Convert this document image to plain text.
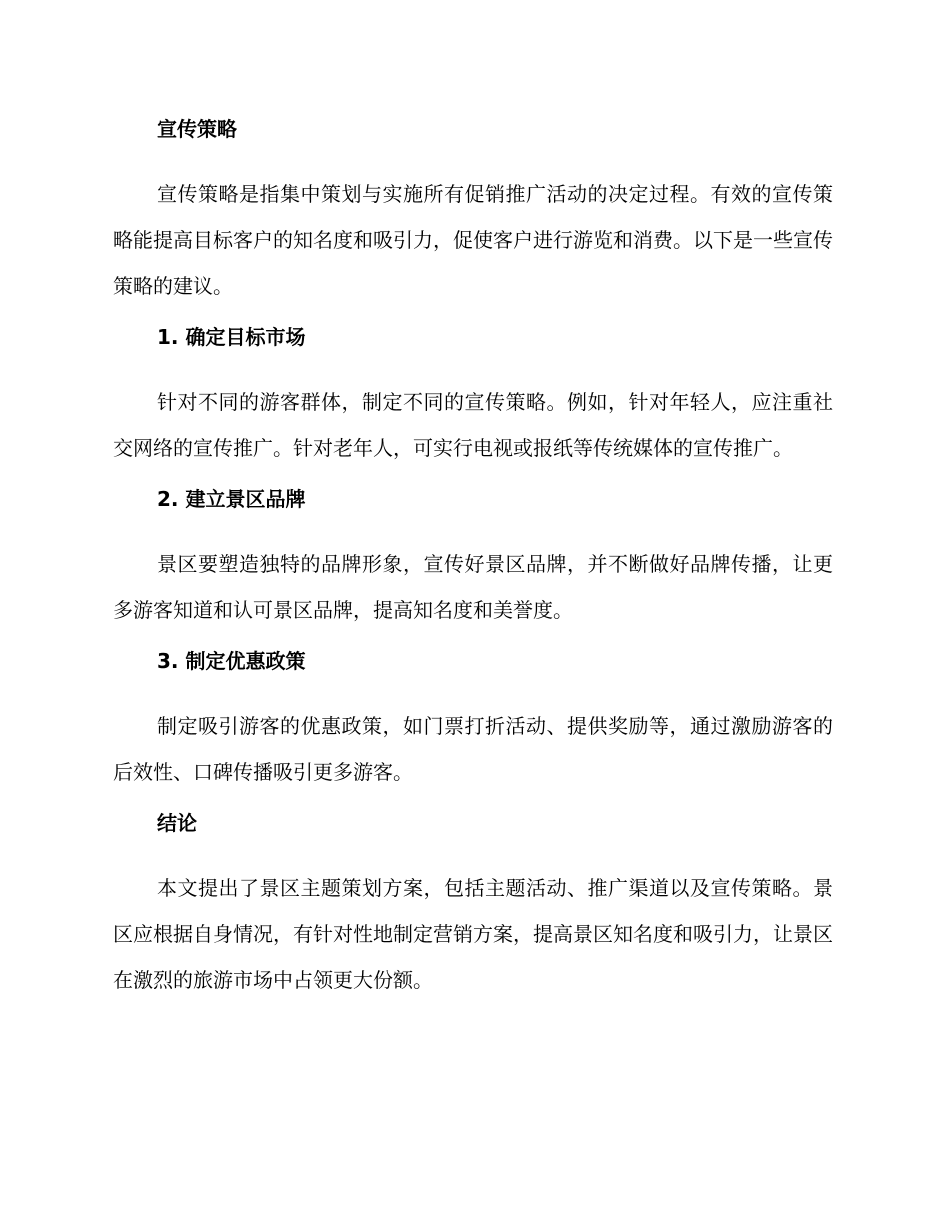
宣传策略

宣传策略是指集中策划与实施所有促销推广活动的决定过程。有效的宣传策略能提高目标客户的知名度和吸引力，促使客户进行游览和消费。以下是一些宣传策略的建议。

1. 确定目标市场

针对不同的游客群体，制定不同的宣传策略。例如，针对年轻人，应注重社交网络的宣传推广。针对老年人，可实行电视或报纸等传统媒体的宣传推广。

2. 建立景区品牌

景区要塑造独特的品牌形象，宣传好景区品牌，并不断做好品牌传播，让更多游客知道和认可景区品牌，提高知名度和美誉度。

3. 制定优惠政策

制定吸引游客的优惠政策，如门票打折活动、提供奖励等，通过激励游客的后效性、口碑传播吸引更多游客。

结论

本文提出了景区主题策划方案，包括主题活动、推广渠道以及宣传策略。景区应根据自身情况，有针对性地制定营销方案，提高景区知名度和吸引力，让景区在激烈的旅游市场中占领更大份额。
